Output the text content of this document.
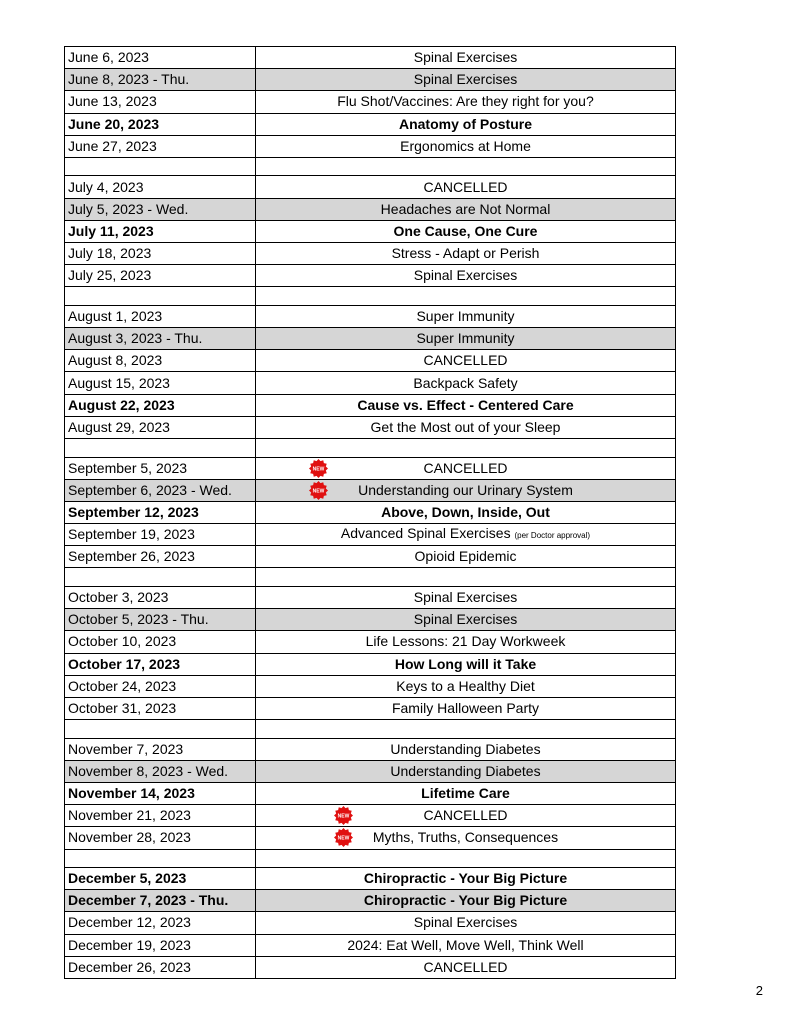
June 6, 2023	Spinal Exercises
June 8, 2023 - Thu.	Spinal Exercises
June 13, 2023	Flu Shot/Vaccines: Are they right for you?
June 20, 2023	Anatomy of Posture
June 27, 2023	Ergonomics at Home

July 4, 2023	CANCELLED
July 5, 2023 - Wed.	Headaches are Not Normal
July 11, 2023	One Cause, One Cure
July 18, 2023	Stress - Adapt or Perish
July 25, 2023	Spinal Exercises

August 1, 2023	Super Immunity
August 3, 2023 - Thu.	Super Immunity
August 8, 2023	CANCELLED
August 15, 2023	Backpack Safety
August 22, 2023	Cause vs. Effect - Centered Care
August 29, 2023	Get the Most out of your Sleep

September 5, 2023	NEW CANCELLED
September 6, 2023 - Wed.	NEW Understanding our Urinary System
September 12, 2023	Above, Down, Inside, Out
September 19, 2023	Advanced Spinal Exercises (per Doctor approval)
September 26, 2023	Opioid Epidemic

October 3, 2023	Spinal Exercises
October 5, 2023 - Thu.	Spinal Exercises
October 10, 2023	Life Lessons: 21 Day Workweek
October 17, 2023	How Long will it Take
October 24, 2023	Keys to a Healthy Diet
October 31, 2023	Family Halloween Party

November 7, 2023	Understanding Diabetes
November 8, 2023 - Wed.	Understanding Diabetes
November 14, 2023	Lifetime Care
November 21, 2023	NEW CANCELLED
November 28, 2023	NEW Myths, Truths, Consequences

December 5, 2023	Chiropractic - Your Big Picture
December 7, 2023 - Thu.	Chiropractic - Your Big Picture
December 12, 2023	Spinal Exercises
December 19, 2023	2024: Eat Well, Move Well, Think Well
December 26, 2023	CANCELLED
2
